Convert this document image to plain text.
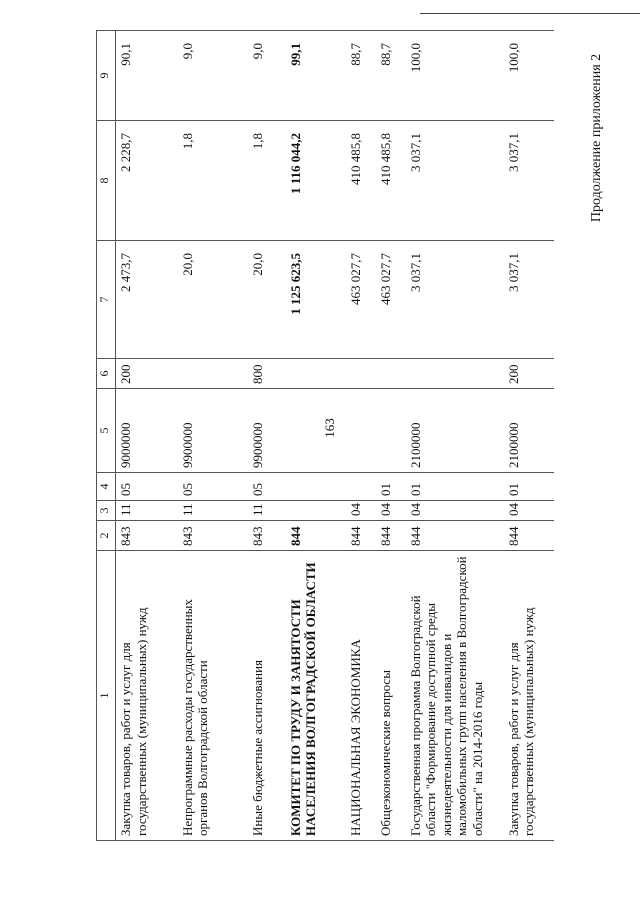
163
Продолжение приложения 2
1	2	3	4	5	6	7	8	9
Закупка товаров, работ и услуг для государственных (муниципальных) нужд	843	11	05	9000000	200	2 473,7	2 228,7	90,1
Непрограммные расходы государственных органов Волгоградской области	843	11	05	9900000		20,0	1,8	9,0
Иные бюджетные ассигнования	843	11	05	9900000	800	20,0	1,8	9,0
КОМИТЕТ ПО ТРУДУ И ЗАНЯТОСТИ НАСЕЛЕНИЯ ВОЛГОГРАДСКОЙ ОБЛАСТИ	844					1 125 623,5	1 116 044,2	99,1
НАЦИОНАЛЬНАЯ ЭКОНОМИКА	844	04				463 027,7	410 485,8	88,7
Общеэкономические вопросы	844	04	01			463 027,7	410 485,8	88,7
Государственная программа Волгоградской области "Формирование доступной среды жизнедеятельности для инвалидов и маломобильных групп населения в Волгоградской области" на 2014-2016 годы	844	04	01	2100000		3 037,1	3 037,1	100,0
Закупка товаров, работ и услуг для государственных (муниципальных) нужд	844	04	01	2100000	200	3 037,1	3 037,1	100,0
